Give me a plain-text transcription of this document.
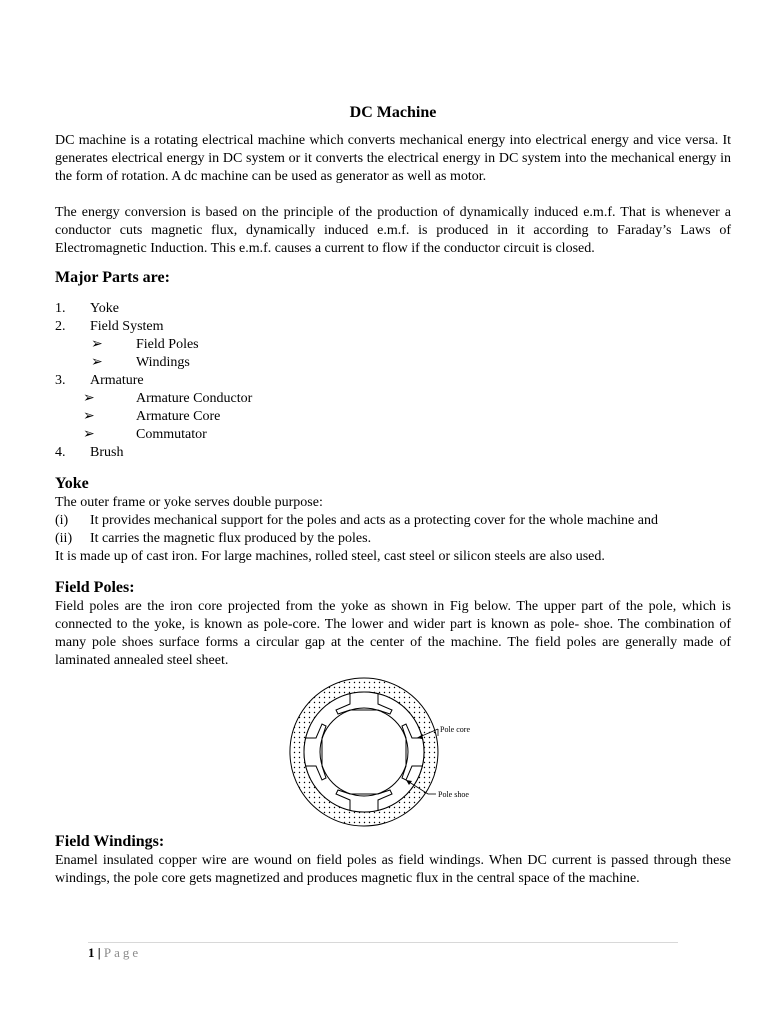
DC Machine

DC machine is a rotating electrical machine which converts mechanical energy into electrical energy and vice versa. It generates electrical energy in DC system or it converts the electrical energy in DC system into the mechanical energy in the form of rotation. A dc machine can be used as generator as well as motor.

The energy conversion is based on the principle of the production of dynamically induced e.m.f. That is whenever a conductor cuts magnetic flux, dynamically induced e.m.f. is produced in it according to Faraday’s Laws of Electromagnetic Induction. This e.m.f. causes a current to flow if the conductor circuit is closed.

Major Parts are:
1. Yoke
2. Field System
➢ Field Poles
➢ Windings
3. Armature
➢	Armature Conductor
➢	Armature Core
➢	Commutator
4. Brush
Yoke

The outer frame or yoke serves double purpose:

(i) It provides mechanical support for the poles and acts as a protecting cover for the whole machine and
(ii) It carries the magnetic flux produced by the poles.

It is made up of cast iron. For large machines, rolled steel, cast steel or silicon steels are also used.

Field Poles:

Field poles are the iron core projected from the yoke as shown in Fig below. The upper part of the pole, which is connected to the yoke, is known as pole-core. The lower and wider part is known as pole- shoe. The combination of many pole shoes surface forms a circular gap at the center of the machine. The field poles are generally made of laminated annealed steel sheet.

Pole core
Pole shoe
Field Windings:

Enamel insulated copper wire are wound on field poles as field windings. When DC current is passed through these windings, the pole core gets magnetized and produces magnetic flux in the central space of the machine.

1 | Page
